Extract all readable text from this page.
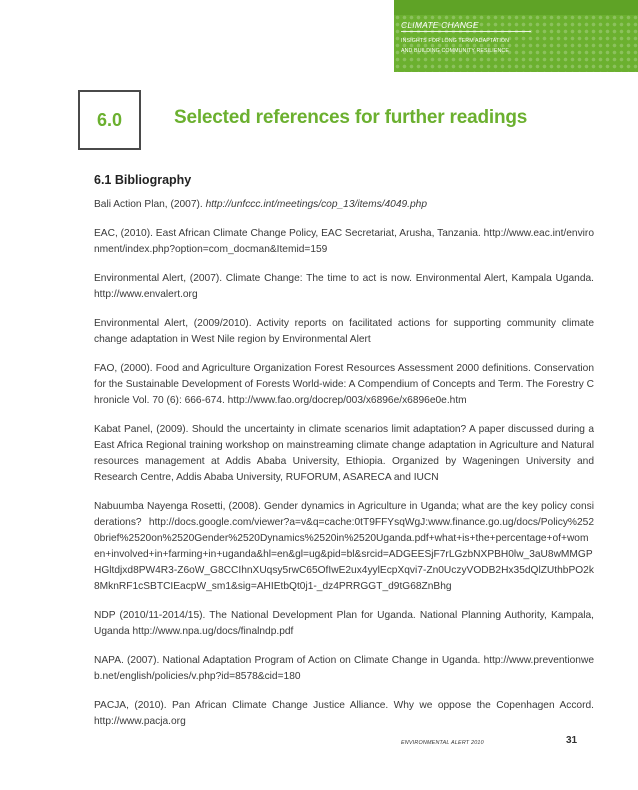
CLIMATE CHANGE
INSIGHTS FOR LONG TERM ADAPTATION
AND BUILDING COMMUNITY RESILIENCE
6.0	Selected references for further readings
6.1 Bibliography

Bali Action Plan, (2007). http://unfccc.int/meetings/cop_13/items/4049.php

EAC, (2010). East African Climate Change Policy, EAC Secretariat, Arusha, Tanzania. http://www.eac.int/environment/index.php?option=com_docman&Itemid=159

Environmental Alert, (2007). Climate Change: The time to act is now. Environmental Alert, Kampala Uganda. http://www.envalert.org

Environmental Alert, (2009/2010). Activity reports on facilitated actions for supporting community climate change adaptation in West Nile region by Environmental Alert

FAO, (2000). Food and Agriculture Organization Forest Resources Assessment 2000 definitions. Conservation for the Sustainable Development of Forests World-wide: A Compendium of Concepts and Term. The Forestry Chronicle Vol. 70 (6): 666-674. http://www.fao.org/docrep/003/x6896e/x6896e0e.htm

Kabat Panel, (2009). Should the uncertainty in climate scenarios limit adaptation? A paper discussed during a East Africa Regional training workshop on mainstreaming climate change adaptation in Agriculture and Natural resources management at Addis Ababa University, Ethiopia. Organized by Wageningen University and Research Centre, Addis Ababa University, RUFORUM, ASARECA and IUCN

Nabuumba Nayenga Rosetti, (2008). Gender dynamics in Agriculture in Uganda; what are the key policy considerations? http://docs.google.com/viewer?a=v&q=cache:0tT9FFYsqWgJ:www.finance.go.ug/docs/Policy%2520brief%2520on%2520Gender%2520Dynamics%2520in%2520Uganda.pdf+what+is+the+percentage+of+women+involved+in+farming+in+uganda&hl=en&gl=ug&pid=bl&srcid=ADGEESjF7rLGzbNXPBH0lw_3aU8wMMGPHGltdjxd8PW4R3-Z6oW_G8CCIhnXUqsy5rwC65OfIwE2ux4yylEcpXqvi7-Zn0UczyVODB2Hx35dQlZUthbPO2k8MknRF1cSBTCIEacpW_sm1&sig=AHIEtbQt0j1-_dz4PRRGGT_d9tG68ZnBhg

NDP (2010/11-2014/15). The National Development Plan for Uganda. National Planning Authority, Kampala, Uganda http://www.npa.ug/docs/finalndp.pdf

NAPA. (2007). National Adaptation Program of Action on Climate Change in Uganda. http://www.preventionweb.net/english/policies/v.php?id=8578&cid=180

PACJA, (2010). Pan African Climate Change Justice Alliance. Why we oppose the Copenhagen Accord. http://www.pacja.org

ENVIRONMENTAL ALERT 2010	31
